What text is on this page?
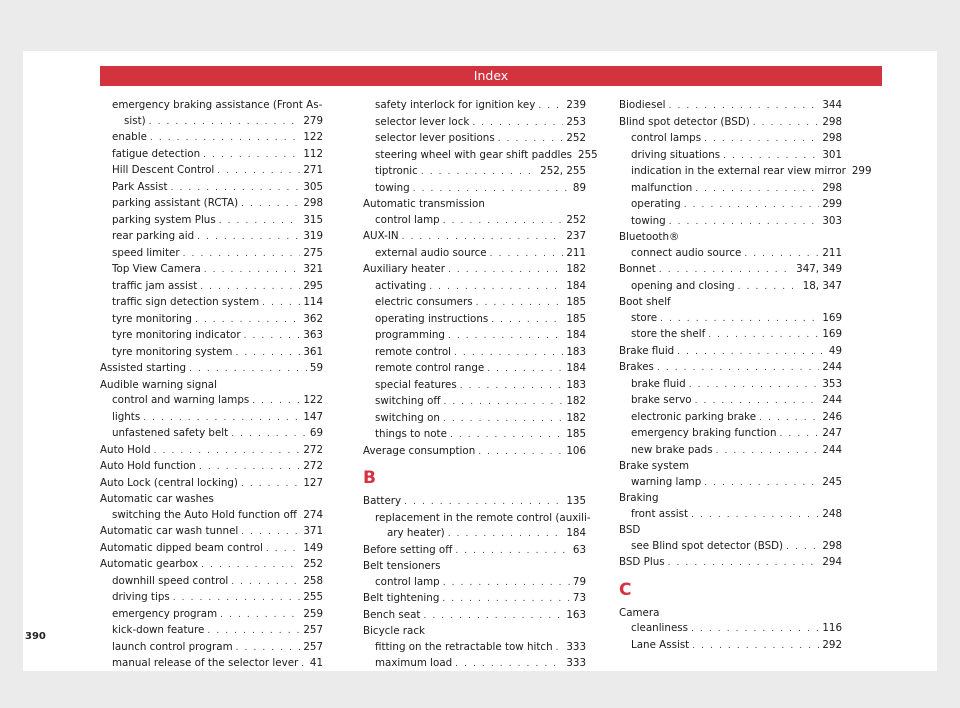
Index
emergency braking assistance (Front As-
sist) . . .	279
enable . . .	122
fatigue detection . . .	112
Hill Descent Control . . .	271
Park Assist . . .	305
parking assistant (RCTA) . . .	298
parking system Plus . . .	315
rear parking aid . . .	319
speed limiter . . .	275
Top View Camera . . .	321
traffic jam assist . . .	295
traffic sign detection system . . .	114
tyre monitoring . . .	362
tyre monitoring indicator . . .	363
tyre monitoring system . . .	361
Assisted starting . . .	59
Audible warning signal
control and warning lamps . . .	122
lights . . .	147
unfastened safety belt . . .	69
Auto Hold . . .	272
Auto Hold function . . .	272
Auto Lock (central locking) . . .	127
Automatic car washes
switching the Auto Hold function off . . . 274
Automatic car wash tunnel . . .	371
Automatic dipped beam control . . .	149
Automatic gearbox . . .	252
downhill speed control . . .	258
driving tips . . .	255
emergency program . . .	259
kick-down feature . . .	257
launch control program . . .	257
manual release of the selector lever . . . 41
safety interlock for ignition key . . .	239
selector lever lock . . .	253
selector lever positions . . .	252
steering wheel with gear shift paddles 255
tiptronic . . .	252, 255
towing . . .	89
Automatic transmission
control lamp . . .	252
AUX-IN . . .	237
external audio source . . .	211
Auxiliary heater . . .	182
activating . . .	184
electric consumers . . .	185
operating instructions . . .	185
programming . . .	184
remote control . . .	183
remote control range . . .	184
special features . . .	183
switching off . . .	182
switching on . . .	182
things to note . . .	185
Average consumption . . .	106
B
Battery . . .	135
replacement in the remote control (auxili-
ary heater) . . .	184
Before setting off . . .	63
Belt tensioners
control lamp . . .	79
Belt tightening . . .	73
Bench seat . . .	163
Bicycle rack
fitting on the retractable tow hitch . . . 333
maximum load . . .	333
Biodiesel . . .	344
Blind spot detector (BSD) . . .	298
control lamps . . .	298
driving situations . . .	301
indication in the external rear view mirror 299
malfunction . . .	298
operating . . .	299
towing . . .	303
Bluetooth®
connect audio source . . .	211
Bonnet . . .	347, 349
opening and closing . . .	18, 347
Boot shelf
store . . .	169
store the shelf . . .	169
Brake fluid . . .	49
Brakes . . .	244
brake fluid . . .	353
brake servo . . .	244
electronic parking brake . . .	246
emergency braking function . . .	247
new brake pads . . .	244
Brake system
warning lamp . . .	245
Braking
front assist . . .	248
BSD
see Blind spot detector (BSD) . . .	298
BSD Plus . . .	294
C
Camera
cleanliness . . .	116
Lane Assist . . .	292
390
